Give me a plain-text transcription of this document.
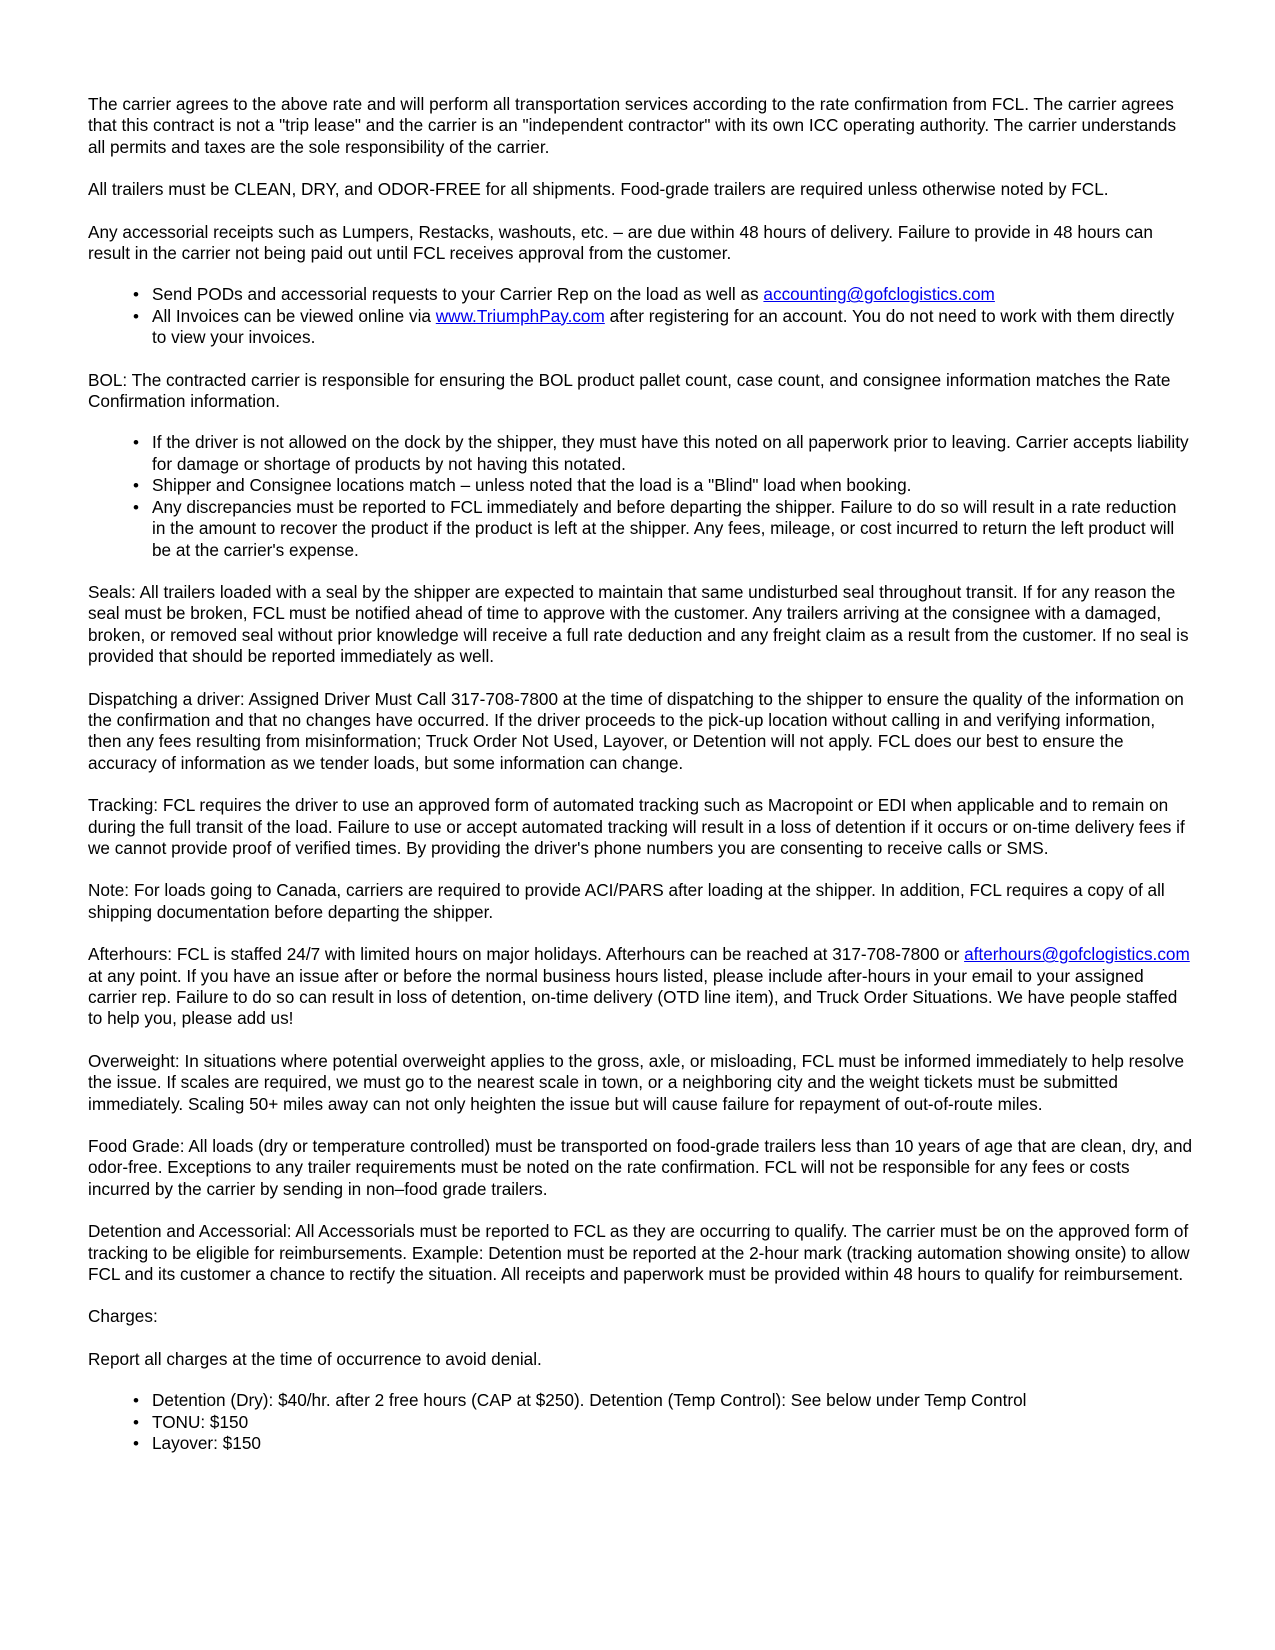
The carrier agrees to the above rate and will perform all transportation services according to the rate confirmation from FCL. The carrier agrees that this contract is not a "trip lease" and the carrier is an "independent contractor" with its own ICC operating authority. The carrier understands all permits and taxes are the sole responsibility of the carrier.

All trailers must be CLEAN, DRY, and ODOR-FREE for all shipments. Food-grade trailers are required unless otherwise noted by FCL.

Any accessorial receipts such as Lumpers, Restacks, washouts, etc. – are due within 48 hours of delivery. Failure to provide in 48 hours can result in the carrier not being paid out until FCL receives approval from the customer.

• Send PODs and accessorial requests to your Carrier Rep on the load as well as accounting@gofclogistics.com
• All Invoices can be viewed online via www.TriumphPay.com after registering for an account. You do not need to work with them directly to view your invoices.

BOL: The contracted carrier is responsible for ensuring the BOL product pallet count, case count, and consignee information matches the Rate Confirmation information.

• If the driver is not allowed on the dock by the shipper, they must have this noted on all paperwork prior to leaving. Carrier accepts liability for damage or shortage of products by not having this notated.
• Shipper and Consignee locations match – unless noted that the load is a "Blind" load when booking.
• Any discrepancies must be reported to FCL immediately and before departing the shipper. Failure to do so will result in a rate reduction in the amount to recover the product if the product is left at the shipper. Any fees, mileage, or cost incurred to return the left product will be at the carrier's expense.

Seals: All trailers loaded with a seal by the shipper are expected to maintain that same undisturbed seal throughout transit. If for any reason the seal must be broken, FCL must be notified ahead of time to approve with the customer. Any trailers arriving at the consignee with a damaged, broken, or removed seal without prior knowledge will receive a full rate deduction and any freight claim as a result from the customer. If no seal is provided that should be reported immediately as well.

Dispatching a driver: Assigned Driver Must Call 317-708-7800 at the time of dispatching to the shipper to ensure the quality of the information on the confirmation and that no changes have occurred. If the driver proceeds to the pick-up location without calling in and verifying information, then any fees resulting from misinformation; Truck Order Not Used, Layover, or Detention will not apply. FCL does our best to ensure the accuracy of information as we tender loads, but some information can change.

Tracking: FCL requires the driver to use an approved form of automated tracking such as Macropoint or EDI when applicable and to remain on during the full transit of the load. Failure to use or accept automated tracking will result in a loss of detention if it occurs or on-time delivery fees if we cannot provide proof of verified times. By providing the driver's phone numbers you are consenting to receive calls or SMS.

Note: For loads going to Canada, carriers are required to provide ACI/PARS after loading at the shipper. In addition, FCL requires a copy of all shipping documentation before departing the shipper.

Afterhours: FCL is staffed 24/7 with limited hours on major holidays. Afterhours can be reached at 317-708-7800 or afterhours@gofclogistics.com at any point. If you have an issue after or before the normal business hours listed, please include after-hours in your email to your assigned carrier rep. Failure to do so can result in loss of detention, on-time delivery (OTD line item), and Truck Order Situations. We have people staffed to help you, please add us!

Overweight: In situations where potential overweight applies to the gross, axle, or misloading, FCL must be informed immediately to help resolve the issue. If scales are required, we must go to the nearest scale in town, or a neighboring city and the weight tickets must be submitted immediately. Scaling 50+ miles away can not only heighten the issue but will cause failure for repayment of out-of-route miles.

Food Grade: All loads (dry or temperature controlled) must be transported on food-grade trailers less than 10 years of age that are clean, dry, and odor-free. Exceptions to any trailer requirements must be noted on the rate confirmation. FCL will not be responsible for any fees or costs incurred by the carrier by sending in non–food grade trailers.

Detention and Accessorial: All Accessorials must be reported to FCL as they are occurring to qualify. The carrier must be on the approved form of tracking to be eligible for reimbursements. Example: Detention must be reported at the 2-hour mark (tracking automation showing onsite) to allow FCL and its customer a chance to rectify the situation. All receipts and paperwork must be provided within 48 hours to qualify for reimbursement.

Charges:

Report all charges at the time of occurrence to avoid denial.

• Detention (Dry): $40/hr. after 2 free hours (CAP at $250). Detention (Temp Control): See below under Temp Control
• TONU: $150
• Layover: $150
